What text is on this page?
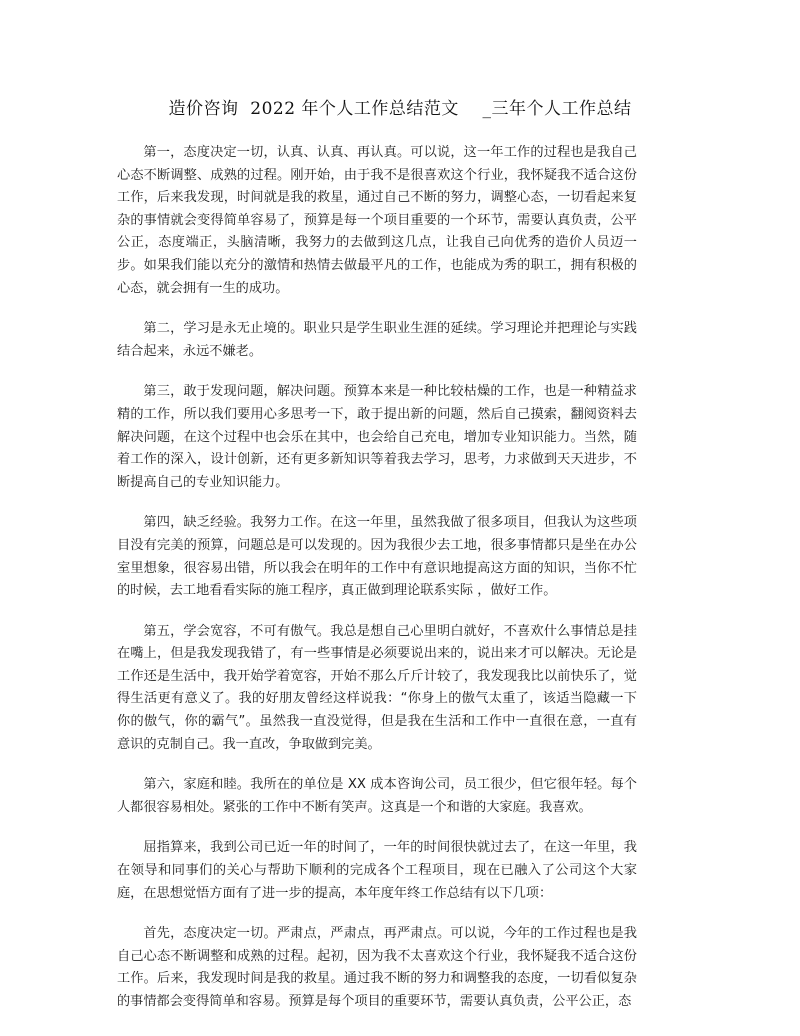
造价咨询  2022 年个人工作总结范文    _三年个人工作总结

第一，态度决定一切，认真、认真、再认真。可以说，这一年工作的过程也是我自己心态不断调整、成熟的过程。刚开始，由于我不是很喜欢这个行业，我怀疑我不适合这份工作，后来我发现，时间就是我的救星，通过自己不断的努力，调整心态，一切看起来复杂的事情就会变得简单容易了，预算是每一个项目重要的一个环节，需要认真负责，公平公正，态度端正，头脑清晰，我努力的去做到这几点，让我自己向优秀的造价人员迈一步。如果我们能以充分的激情和热情去做最平凡的工作，也能成为秀的职工，拥有积极的心态，就会拥有一生的成功。

第二，学习是永无止境的。职业只是学生职业生涯的延续。学习理论并把理论与实践结合起来，永远不嫌老。

第三，敢于发现问题，解决问题。预算本来是一种比较枯燥的工作，也是一种精益求精的工作，所以我们要用心多思考一下，敢于提出新的问题，然后自己摸索，翻阅资料去解决问题，在这个过程中也会乐在其中，也会给自己充电，增加专业知识能力。当然，随着工作的深入，设计创新，还有更多新知识等着我去学习，思考，力求做到天天进步，不断提高自己的专业知识能力。

第四，缺乏经验。我努力工作。在这一年里，虽然我做了很多项目，但我认为这些项目没有完美的预算，问题总是可以发现的。因为我很少去工地，很多事情都只是坐在办公室里想象，很容易出错，所以我会在明年的工作中有意识地提高这方面的知识，当你不忙的时候，去工地看看实际的施工程序，真正做到理论联系实际 ，做好工作。

第五，学会宽容，不可有傲气。我总是想自己心里明白就好，不喜欢什么事情总是挂在嘴上，但是我发现我错了，有一些事情是必须要说出来的，说出来才可以解决。无论是工作还是生活中，我开始学着宽容，开始不那么斤斤计较了，我发现我比以前快乐了，觉得生活更有意义了。我的好朋友曾经这样说我：“你身上的傲气太重了，该适当隐藏一下你的傲气，你的霸气”。虽然我一直没觉得，但是我在生活和工作中一直很在意，一直有意识的克制自己。我一直改，争取做到完美。

第六，家庭和睦。我所在的单位是 XX 成本咨询公司，员工很少，但它很年轻。每个人都很容易相处。紧张的工作中不断有笑声。这真是一个和谐的大家庭。我喜欢。

屈指算来，我到公司已近一年的时间了，一年的时间很快就过去了，在这一年里，我在领导和同事们的关心与帮助下顺利的完成各个工程项目，现在已融入了公司这个大家庭，在思想觉悟方面有了进一步的提高，本年度年终工作总结有以下几项：

首先，态度决定一切。严肃点，严肃点，再严肃点。可以说，今年的工作过程也是我自己心态不断调整和成熟的过程。起初，因为我不太喜欢这个行业，我怀疑我不适合这份工作。后来，我发现时间是我的救星。通过我不断的努力和调整我的态度，一切看似复杂的事情都会变得简单和容易。预算是每个项目的重要环节，需要认真负责，公平公正，态
